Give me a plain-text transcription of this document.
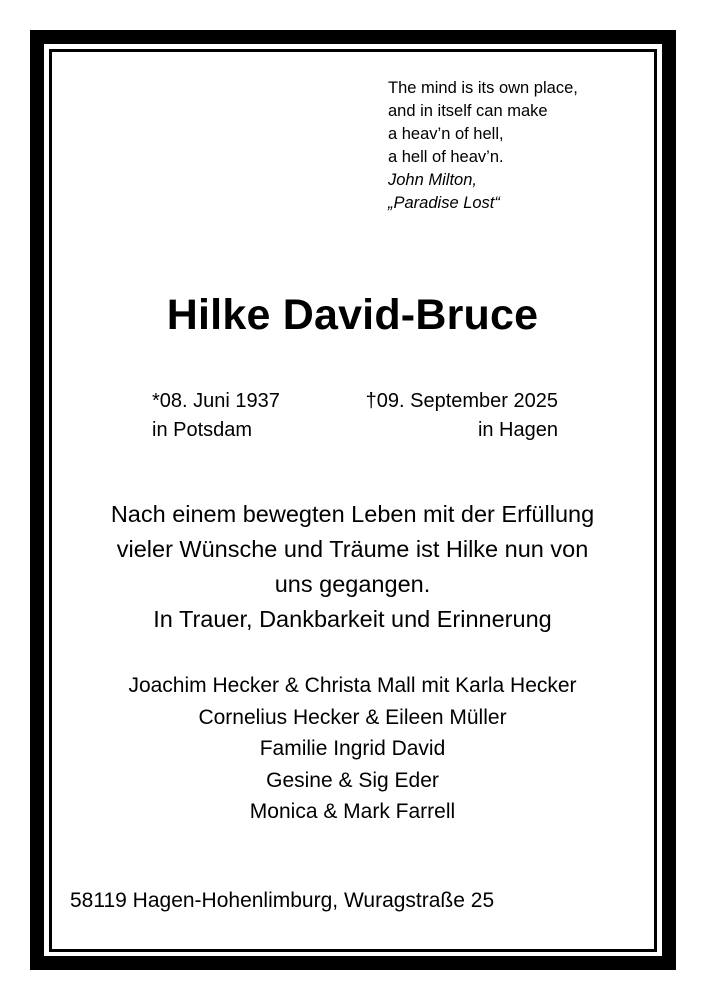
The mind is its own place,
and in itself can make
a heav’n of hell,
a hell of heav’n.
John Milton,
„Paradise Lost“
Hilke David-Bruce
*08. Juni 1937
in Potsdam
†09. September 2025
in Hagen
Nach einem bewegten Leben mit der Erfüllung
vieler Wünsche und Träume ist Hilke nun von
uns gegangen.
In Trauer, Dankbarkeit und Erinnerung
Joachim Hecker & Christa Mall mit Karla Hecker
Cornelius Hecker & Eileen Müller
Familie Ingrid David
Gesine & Sig Eder
Monica & Mark Farrell
58119 Hagen-Hohenlimburg, Wuragstraße 25
